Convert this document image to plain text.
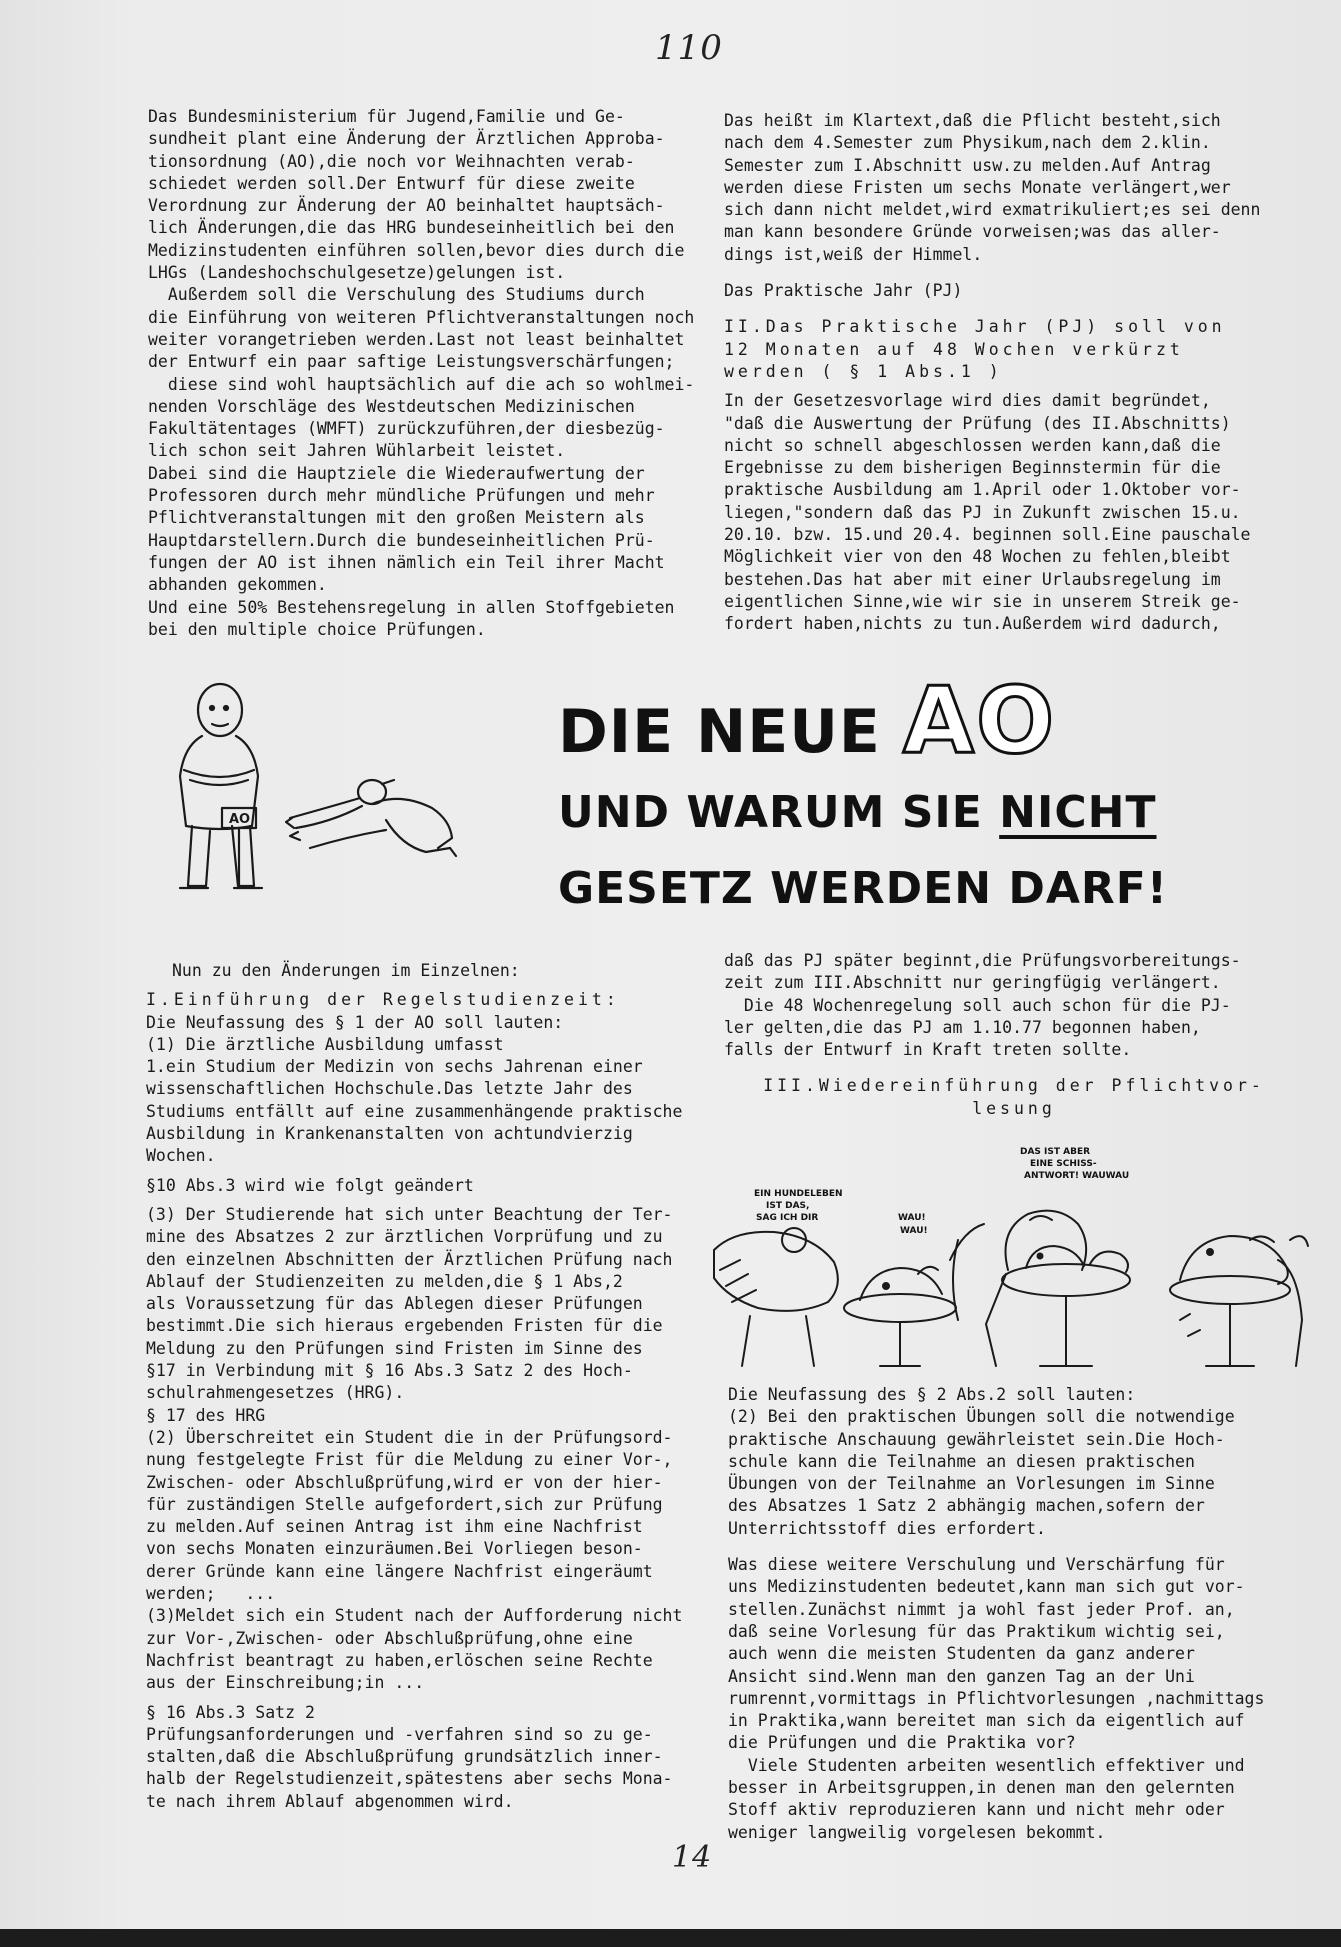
110

Das Bundesministerium für Jugend,Familie und Ge-

sundheit plant eine Änderung der Ärztlichen Approba-

tionsordnung (AO),die noch vor Weihnachten verab-

schiedet werden soll.Der Entwurf für diese zweite

Verordnung zur Änderung der AO beinhaltet hauptsäch-

lich Änderungen,die das HRG bundeseinheitlich bei den

Medizinstudenten einführen sollen,bevor dies durch die

LHGs (Landeshochschulgesetze)gelungen ist.

Außerdem soll die Verschulung des Studiums durch

die Einführung von weiteren Pflichtveranstaltungen noch

weiter vorangetrieben werden.Last not least beinhaltet

der Entwurf ein paar saftige Leistungsverschärfungen;

diese sind wohl hauptsächlich auf die ach so wohlmei-

nenden Vorschläge des Westdeutschen Medizinischen

Fakultätentages (WMFT) zurückzuführen,der diesbezüg-

lich schon seit Jahren Wühlarbeit leistet.

Dabei sind die Hauptziele die Wiederaufwertung der

Professoren durch mehr mündliche Prüfungen und mehr

Pflichtveranstaltungen mit den großen Meistern als

Hauptdarstellern.Durch die bundeseinheitlichen Prü-

fungen der AO ist ihnen nämlich ein Teil ihrer Macht

abhanden gekommen.

Und eine 50% Bestehensregelung in allen Stoffgebieten

bei den multiple choice Prüfungen.

Das heißt im Klartext,daß die Pflicht besteht,sich

nach dem 4.Semester zum Physikum,nach dem 2.klin.

Semester zum I.Abschnitt usw.zu melden.Auf Antrag

werden diese Fristen um sechs Monate verlängert,wer

sich dann nicht meldet,wird exmatrikuliert;es sei denn

man kann besondere Gründe vorweisen;was das aller-

dings ist,weiß der Himmel.

Das Praktische Jahr (PJ)

II.Das Praktische Jahr (PJ) soll von

12 Monaten auf 48 Wochen verkürzt

werden ( § 1 Abs.1 )

In der Gesetzesvorlage wird dies damit begründet,

"daß die Auswertung der Prüfung (des II.Abschnitts)

nicht so schnell abgeschlossen werden kann,daß die

Ergebnisse zu dem bisherigen Beginnstermin für die

praktische Ausbildung am 1.April oder 1.Oktober vor-

liegen,"sondern daß das PJ in Zukunft zwischen 15.u.

20.10. bzw. 15.und 20.4. beginnen soll.Eine pauschale

Möglichkeit vier von den 48 Wochen zu fehlen,bleibt

bestehen.Das hat aber mit einer Urlaubsregelung im

eigentlichen Sinne,wie wir sie in unserem Streik ge-

fordert haben,nichts zu tun.Außerdem wird dadurch,

AO
DIE NEUE AO
UND WARUM SIE NICHT
GESETZ WERDEN DARF!

Nun zu den Änderungen im Einzelnen:

I.Einführung der Regelstudienzeit:

Die Neufassung des § 1 der AO soll lauten:

(1) Die ärztliche Ausbildung umfasst

1.ein Studium der Medizin von sechs Jahrenan einer

wissenschaftlichen Hochschule.Das letzte Jahr des

Studiums entfällt auf eine zusammenhängende praktische

Ausbildung in Krankenanstalten von achtundvierzig

Wochen.

§10 Abs.3 wird wie folgt geändert

(3) Der Studierende hat sich unter Beachtung der Ter-

mine des Absatzes 2 zur ärztlichen Vorprüfung und zu

den einzelnen Abschnitten der Ärztlichen Prüfung nach

Ablauf der Studienzeiten zu melden,die § 1 Abs,2

als Voraussetzung für das Ablegen dieser Prüfungen

bestimmt.Die sich hieraus ergebenden Fristen für die

Meldung zu den Prüfungen sind Fristen im Sinne des

§17 in Verbindung mit § 16 Abs.3 Satz 2 des Hoch-

schulrahmengesetzes (HRG).

§ 17 des HRG

(2) Überschreitet ein Student die in der Prüfungsord-

nung festgelegte Frist für die Meldung zu einer Vor-,

Zwischen- oder Abschlußprüfung,wird er von der hier-

für zuständigen Stelle aufgefordert,sich zur Prüfung

zu melden.Auf seinen Antrag ist ihm eine Nachfrist

von sechs Monaten einzuräumen.Bei Vorliegen beson-

derer Gründe kann eine längere Nachfrist eingeräumt

werden;   ...

(3)Meldet sich ein Student nach der Aufforderung nicht

zur Vor-,Zwischen- oder Abschlußprüfung,ohne eine

Nachfrist beantragt zu haben,erlöschen seine Rechte

aus der Einschreibung;in ...

§ 16 Abs.3 Satz 2

Prüfungsanforderungen und -verfahren sind so zu ge-

stalten,daß die Abschlußprüfung grundsätzlich inner-

halb der Regelstudienzeit,spätestens aber sechs Mona-

te nach ihrem Ablauf abgenommen wird.

daß das PJ später beginnt,die Prüfungsvorbereitungs-

zeit zum III.Abschnitt nur geringfügig verlängert.

Die 48 Wochenregelung soll auch schon für die PJ-

ler gelten,die das PJ am 1.10.77 begonnen haben,

falls der Entwurf in Kraft treten sollte.

III.Wiedereinführung der Pflichtvor-

lesung

EIN HUNDELEBEN
IST DAS,
SAG ICH DIR	WAU!
WAU!
DAS IST ABER
EINE SCHISS-
ANTWORT! WAUWAU

Die Neufassung des § 2 Abs.2 soll lauten:

(2) Bei den praktischen Übungen soll die notwendige

praktische Anschauung gewährleistet sein.Die Hoch-

schule kann die Teilnahme an diesen praktischen

Übungen von der Teilnahme an Vorlesungen im Sinne

des Absatzes 1 Satz 2 abhängig machen,sofern der

Unterrichtsstoff dies erfordert.

Was diese weitere Verschulung und Verschärfung für

uns Medizinstudenten bedeutet,kann man sich gut vor-

stellen.Zunächst nimmt ja wohl fast jeder Prof. an,

daß seine Vorlesung für das Praktikum wichtig sei,

auch wenn die meisten Studenten da ganz anderer

Ansicht sind.Wenn man den ganzen Tag an der Uni

rumrennt,vormittags in Pflichtvorlesungen ,nachmittags

in Praktika,wann bereitet man sich da eigentlich auf

die Prüfungen und die Praktika vor?

Viele Studenten arbeiten wesentlich effektiver und

besser in Arbeitsgruppen,in denen man den gelernten

Stoff aktiv reproduzieren kann und nicht mehr oder

weniger langweilig vorgelesen bekommt.

14
